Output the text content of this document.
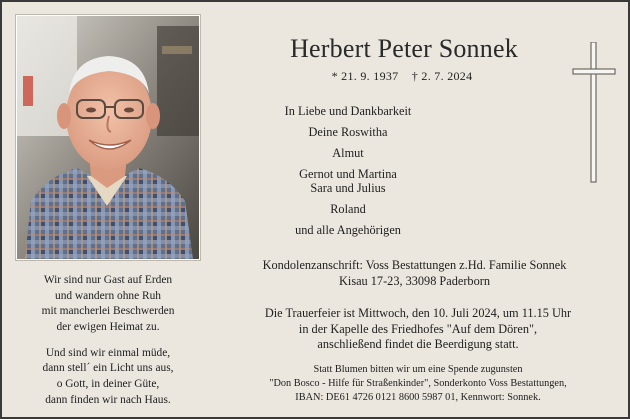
Wir sind nur Gast auf Erden
und wandern ohne Ruh
mit mancherlei Beschwerden
der ewigen Heimat zu.
Und sind wir einmal müde,
dann stell´ ein Licht uns aus,
o Gott, in deiner Güte,
dann finden wir nach Haus.
Herbert Peter Sonnek
* 21. 9. 1937 † 2. 7. 2024
In Liebe und Dankbarkeit
Deine Roswitha
Almut
Gernot und Martina
Sara und Julius
Roland
und alle Angehörigen
Kondolenzanschrift: Voss Bestattungen z.Hd. Familie Sonnek
Kisau 17-23, 33098 Paderborn
Die Trauerfeier ist Mittwoch, den 10. Juli 2024, um 11.15 Uhr
in der Kapelle des Friedhofes "Auf dem Dören",
anschließend findet die Beerdigung statt.
Statt Blumen bitten wir um eine Spende zugunsten
"Don Bosco - Hilfe für Straßenkinder", Sonderkonto Voss Bestattungen,
IBAN: DE61 4726 0121 8600 5987 01, Kennwort: Sonnek.
